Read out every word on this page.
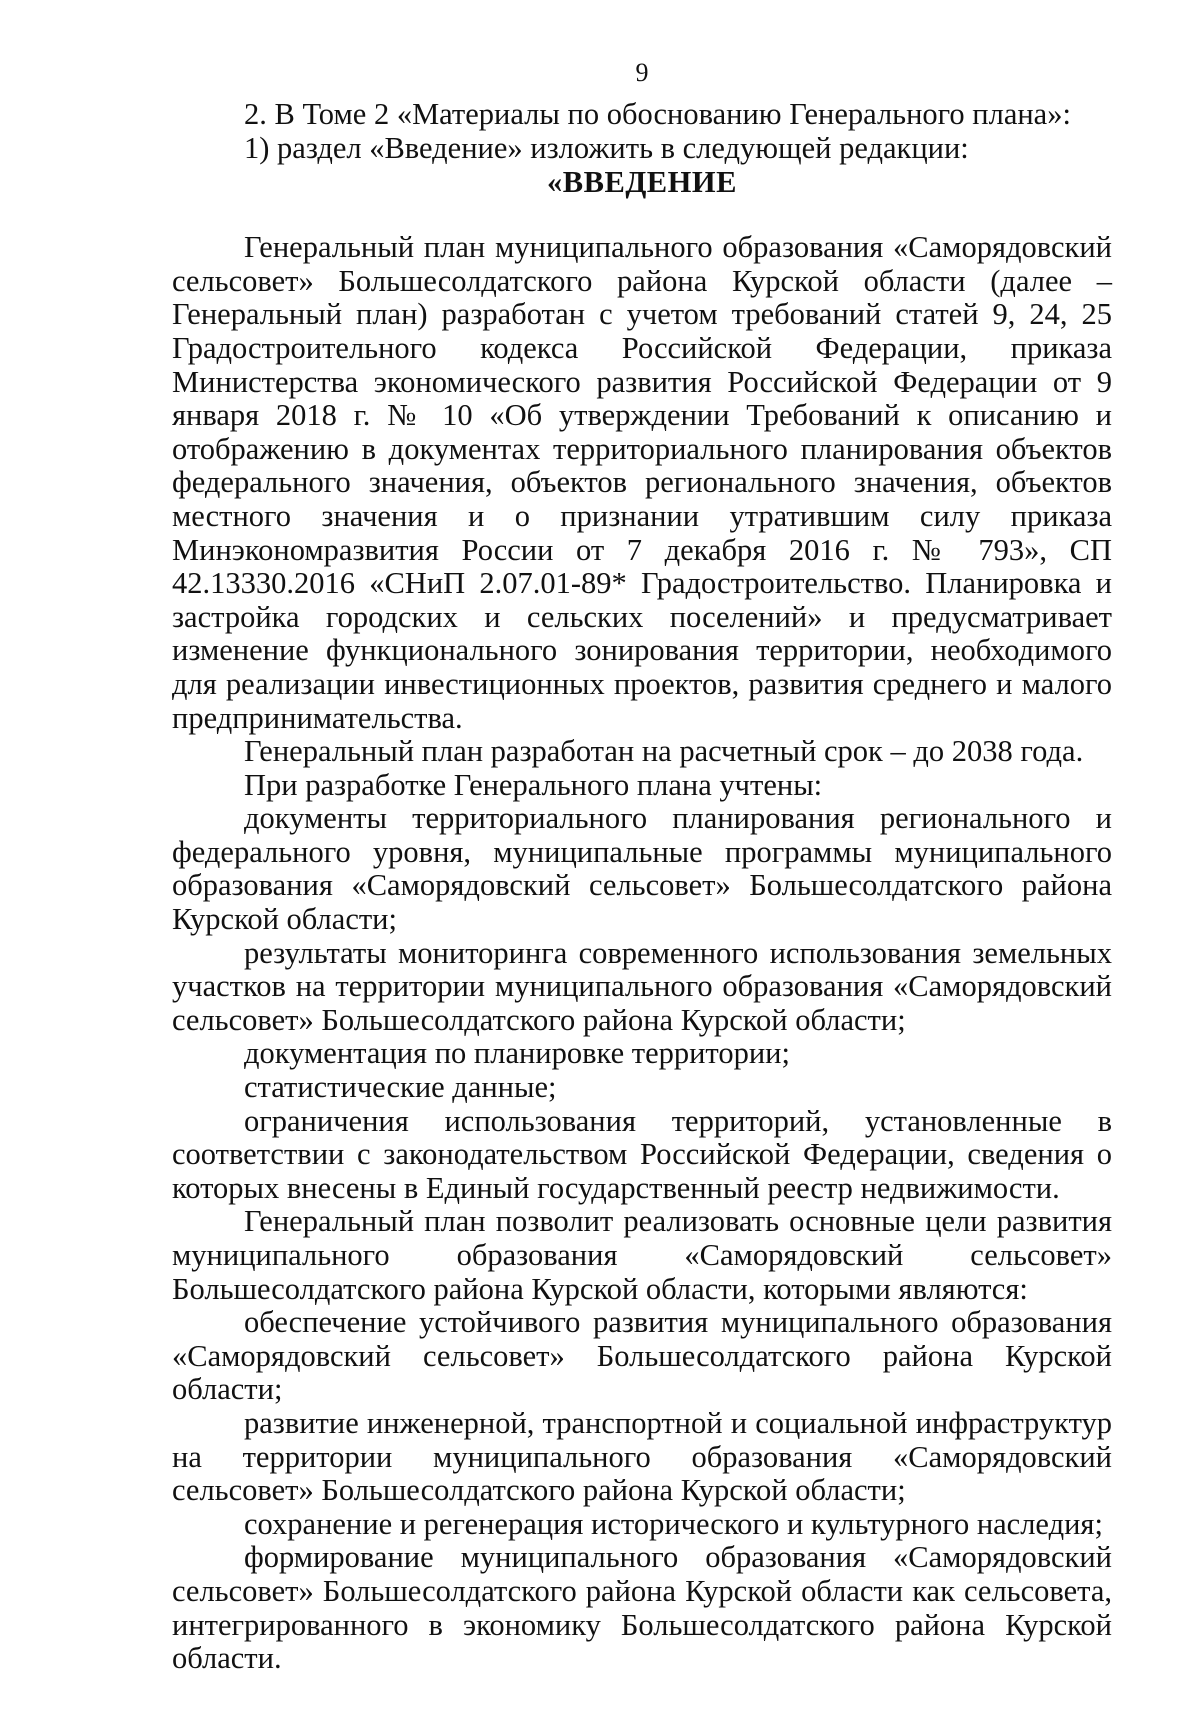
9

2. В Томе 2 «Материалы по обоснованию Генерального плана»:

1) раздел «Введение» изложить в следующей редакции:

«ВВЕДЕНИЕ

Генеральный план муниципального образования «Саморядовский сельсовет» Большесолдатского района Курской области (далее – Генеральный план) разработан с учетом требований статей 9, 24, 25 Градостроительного кодекса Российской Федерации, приказа Министерства экономического развития Российской Федерации от 9 января 2018 г. № 10 «Об утверждении Требований к описанию и отображению в документах территориального планирования объектов федерального значения, объектов регионального значения, объектов местного значения и о признании утратившим силу приказа Минэкономразвития России от 7 декабря 2016 г. № 793», СП 42.13330.2016 «СНиП 2.07.01-89* Градостроительство. Планировка и застройка городских и сельских поселений» и предусматривает изменение функционального зонирования территории, необходимого для реализации инвестиционных проектов, развития среднего и малого предпринимательства.

Генеральный план разработан на расчетный срок – до 2038 года.

При разработке Генерального плана учтены:

документы территориального планирования регионального и федерального уровня, муниципальные программы муниципального образования «Саморядовский сельсовет» Большесолдатского района Курской области;

результаты мониторинга современного использования земельных участков на территории муниципального образования «Саморядовский сельсовет» Большесолдатского района Курской области;

документация по планировке территории;

статистические данные;

ограничения использования территорий, установленные в соответствии с законодательством Российской Федерации, сведения о которых внесены в Единый государственный реестр недвижимости.

Генеральный план позволит реализовать основные цели развития муниципального образования «Саморядовский сельсовет» Большесолдатского района Курской области, которыми являются:

обеспечение устойчивого развития муниципального образования «Саморядовский сельсовет» Большесолдатского района Курской области;

развитие инженерной, транспортной и социальной инфраструктур на территории муниципального образования «Саморядовский сельсовет» Большесолдатского района Курской области;

сохранение и регенерация исторического и культурного наследия;

формирование муниципального образования «Саморядовский сельсовет» Большесолдатского района Курской области как сельсовета, интегрированного в экономику Большесолдатского района Курской области.
